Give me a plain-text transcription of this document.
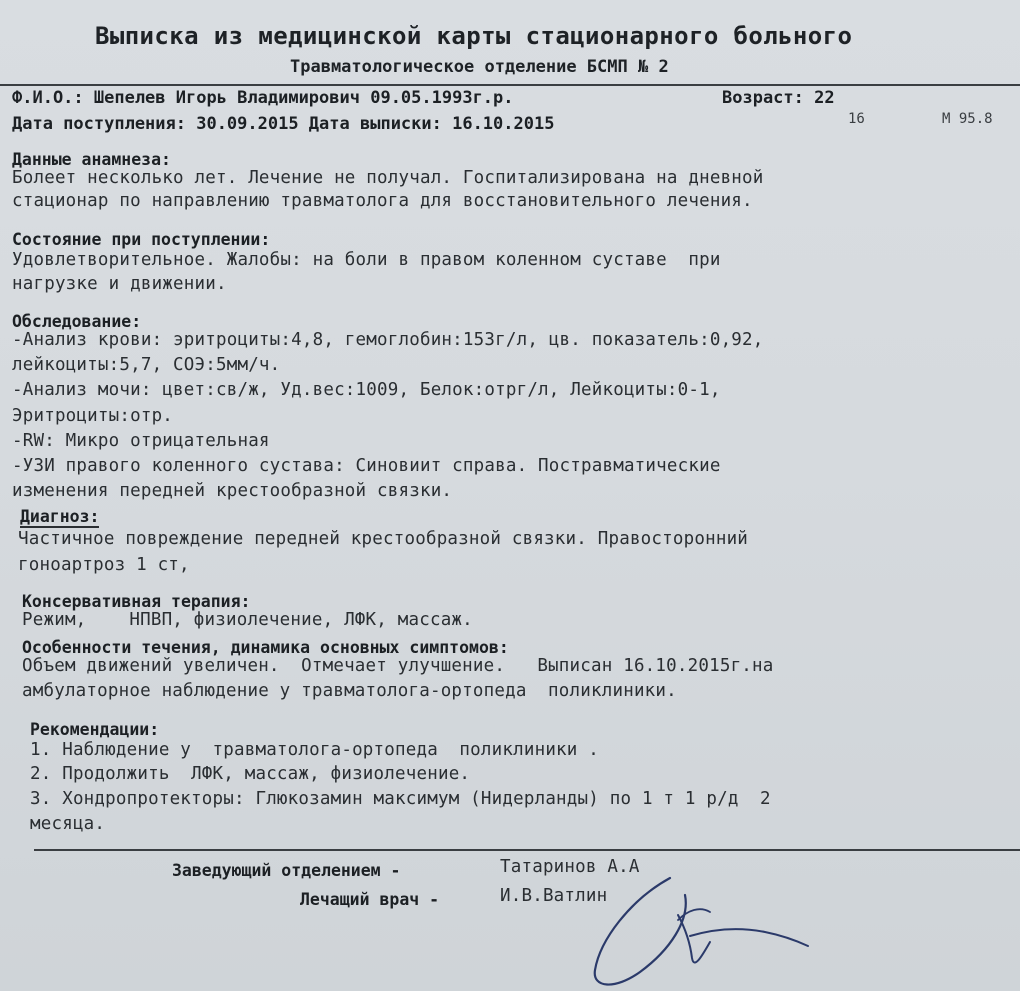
Выписка из медицинской карты стационарного больного
Травматологическое отделение БСМП № 2
Ф.И.О.: Шепелев Игорь Владимирович 09.05.1993г.р.	Возраст: 22
Дата поступления: 30.09.2015 Дата выписки: 16.10.2015	16	M 95.8
Данные анамнеза:
Болеет несколько лет. Лечение не получал. Госпитализирована на дневной
стационар по направлению травматолога для восстановительного лечения.
Состояние при поступлении:
Удовлетворительное. Жалобы: на боли в правом коленном суставе  при
нагрузке и движении.
Обследование:
-Анализ крови: эритроциты:4,8, гемоглобин:153г/л, цв. показатель:0,92,
лейкоциты:5,7, СОЭ:5мм/ч.
-Анализ мочи: цвет:св/ж, Уд.вес:1009, Белок:отрг/л, Лейкоциты:0-1,
Эритроциты:отр.
-RW: Микро отрицательная
-УЗИ правого коленного сустава: Синовиит справа. Постравматические
изменения передней крестообразной связки.
Диагноз:
Частичное повреждение передней крестообразной связки. Правосторонний
гоноартроз 1 ст,
Консервативная терапия:
Режим,    НПВП, физиолечение, ЛФК, массаж.
Особенности течения, динамика основных симптомов:
Объем движений увеличен.  Отмечает улучшение.   Выписан 16.10.2015г.на
амбулаторное наблюдение у травматолога-ортопеда  поликлиники.
Рекомендации:
1. Наблюдение у  травматолога-ортопеда  поликлиники .
2. Продолжить  ЛФК, массаж, физиолечение.
3. Хондропротекторы: Глюкозамин максимум (Нидерланды) по 1 т 1 р/д  2
месяца.
Заведующий отделением -	Татаринов А.А
Лечащий врач -	И.В.Ватлин
